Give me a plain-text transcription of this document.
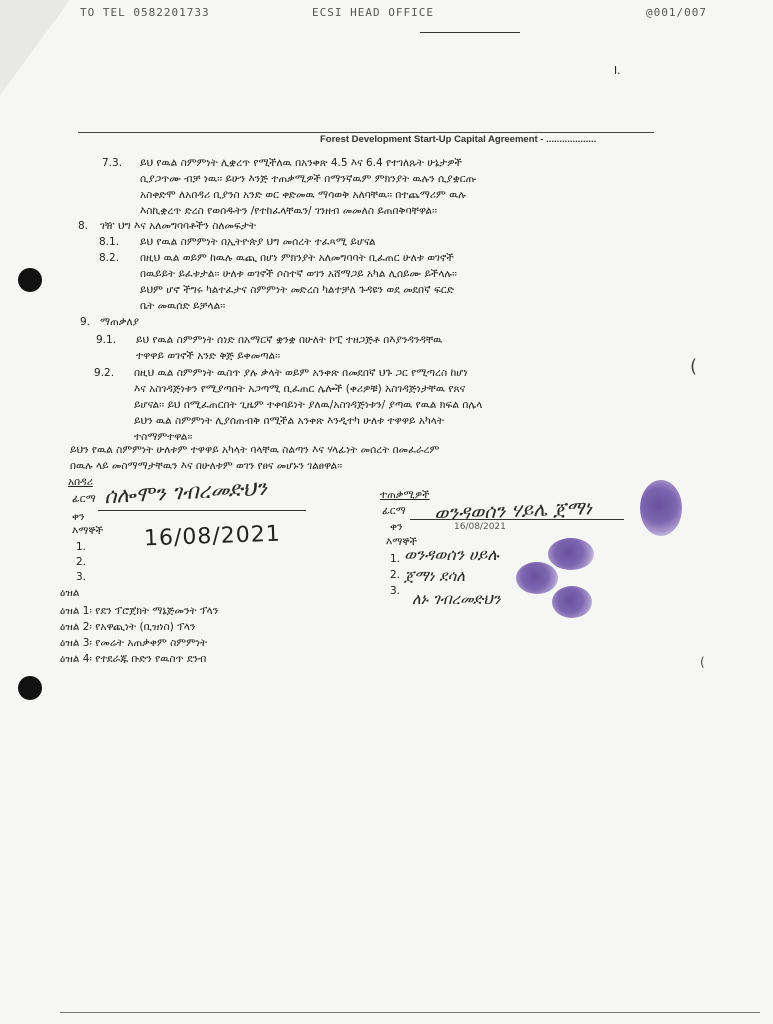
TO TEL 0582201733	ECSI HEAD OFFICE	@001/007
I.
Forest Development Start-Up Capital Agreement - ...................
7.3. ይህ የዉል ስምምነት ሊቋረጥ የሚችለዉ በአንቀጽ 4.5 እና 6.4 የተገለጹት ሁኔታዎች
ሲያጋጥሙ ብቻ ነዉ፡፡ ይሁን እንጅ ተጠቃሚዎች በማንኛዉም ምክንያት ዉሉን ሲያቋርጡ
አስቀድሞ ለአበዳሪ ቢያንስ አንድ ወር ቀድመዉ ማሳወቅ አለባቸዉ፡፡ በተጨማሪም ዉሉ
እስኪቋረጥ ድረስ የወሰዱትን /የተከፈላቸዉን/ ገንዘብ መመለስ ይጠበቅባቸዋል፡፡
8. ገዥ ህግ እና አለመግባባቶችን ስለመፍታት
8.1. ይህ የዉል ስምምነት በኢትዮጵያ ህግ መሰረት ተፈጻሚ ይሆናል
8.2. በዚህ ዉል ወይም ከዉሉ ዉጪ በሆነ ምክንያት አለመግባባት ቢፈጠር ሁለቱ ወገኖች
በዉይይት ይፈቱታል፡፡ ሁለቱ ወገኖች ሶስተኛ ወገን አሸማጋይ አካል ሊሰይሙ ይችላሉ፡፡
ይህም ሆኖ ችግሩ ካልተፈታና ስምምነት መድረስ ካልተቻለ ጉዳዩን ወደ መደበኛ ፍርድ
ቤት መዉሰድ ይቻላል፡፡
9. ማጠቃለያ
9.1. ይህ የዉል ስምምነት ሰነድ በአማርኛ ቋንቋ በሁለት ኮፒ ተዘጋጅቶ በእያንዳንዳቸዉ
ተዋዋይ ወገኖች አንድ ቅጅ ይቀመጣል፡፡
9.2. በዚህ ዉል ስምምነት ዉስጥ ያሉ ቃላት ወይም አንቀጽ በመደበኛ ህጉ ጋር የሚጣረስ ከሆነ
እና አስገዳጅነቱን የሚያጣበት አጋጣሚ ቢፈጠር ሌሎች (ቀሪዎቹ) አስገዳጅነታቸዉ የጸና
ይሆናል፡፡ ይህ በሚፈጠርበት ጊዜም ተቀባይነት ያለዉ/አስገዳጅነቱን/ ያጣዉ የዉል ክፍል በሌላ
ይህን ዉል ስምምነት ሊያሰጠብቅ በሚችል አንቀጽ እንዲተካ ሁለቱ ተዋዋይ አካላት
ተስማምተዋል፡፡
ይህን የዉል ስምምነት ሁለቱም ተዋዋይ አካላት ባላቸዉ ስልጣን እና ሃላፊነት መሰረት በመፈራረም
በዉሉ ላይ መስማማታቸዉን እና በሁለቱም ወገን የፀና መሆኑን ገልፀዋል፡፡
አበዳሪ
ፊርማ ሰሎሞን ገብረመድህን
ቀን
16/08/2021
እማኞች
1.
2.
3.
ተጠቃሚዎች
ፊርማ ወንዳወሰን ሃይሌ ጀማነ
ቀን	16/08/2021
እማኞች
1.
2.
3.
ወንዳወሰን ሀይሉ
ጀማነ ደሳለ
ለኑ ገብረመድህን
ዕዝል
ዕዝል 1፡ የደን ፕሮጀክት ማኔጅመንት ፕላን
ዕዝል 2፡ የአዋጪነት (ቢዝነስ) ፕላን
ዕዝል 3፡ የመሬት አጠቃቀም ስምምነት
ዕዝል 4፡ የተደራጁ ቡድን የዉስጥ ደንብ
(
(
